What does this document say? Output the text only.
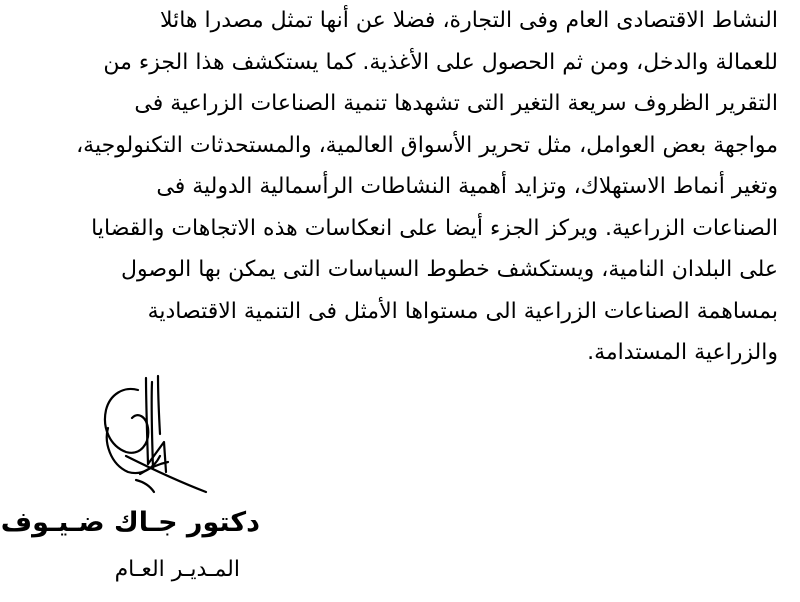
النشاط الاقتصادى العام وفى التجارة، فضلا عن أنها تمثل مصدرا هائلا
للعمالة والدخل، ومن ثم الحصول على الأغذية. كما يستكشف هذا الجزء من
التقرير الظروف سريعة التغير التى تشهدها تنمية الصناعات الزراعية فى
مواجهة بعض العوامل، مثل تحرير الأسواق العالمية، والمستحدثات التكنولوجية،
وتغير أنماط الاستهلاك، وتزايد أهمية النشاطات الرأسمالية الدولية فى
الصناعات الزراعية. ويركز الجزء أيضا على انعكاسات هذه الاتجاهات والقضايا
على البلدان النامية، ويستكشف خطوط السياسات التى يمكن بها الوصول
بمساهمة الصناعات الزراعية الى مستواها الأمثل فى التنمية الاقتصادية
والزراعية المستدامة.
دكتور جـاك ضـيـوف
المـديـر العـام
